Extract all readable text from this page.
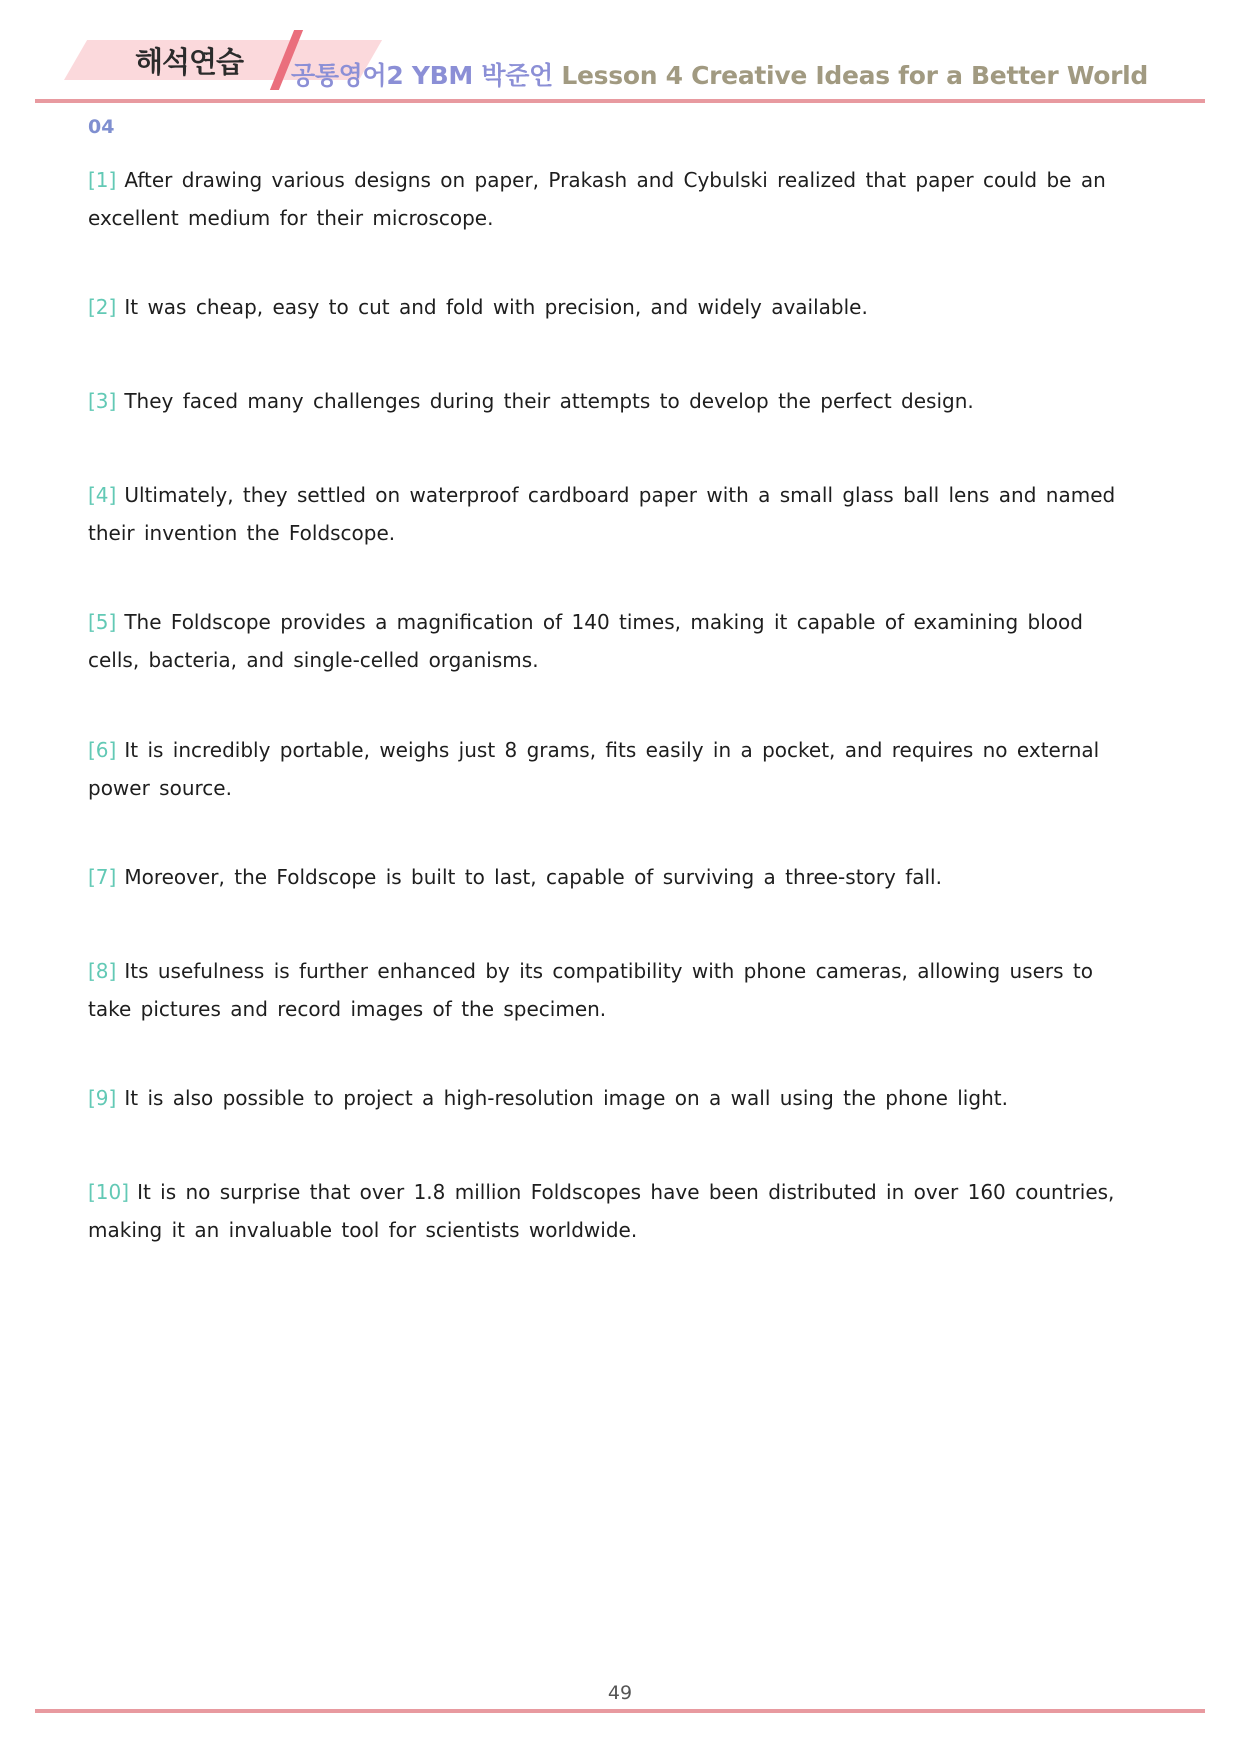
해석연습 공통영어2 YBM 박준언 Lesson 4 Creative Ideas for a Better World
04
[1] After drawing various designs on paper, Prakash and Cybulski realized that paper could be an excellent medium for their microscope.
[2] It was cheap, easy to cut and fold with precision, and widely available.
[3] They faced many challenges during their attempts to develop the perfect design.
[4] Ultimately, they settled on waterproof cardboard paper with a small glass ball lens and named their invention the Foldscope.
[5] The Foldscope provides a magnification of 140 times, making it capable of examining blood cells, bacteria, and single-celled organisms.
[6] It is incredibly portable, weighs just 8 grams, fits easily in a pocket, and requires no external power source.
[7] Moreover, the Foldscope is built to last, capable of surviving a three-story fall.
[8] Its usefulness is further enhanced by its compatibility with phone cameras, allowing users to take pictures and record images of the specimen.
[9] It is also possible to project a high-resolution image on a wall using the phone light.
[10] It is no surprise that over 1.8 million Foldscopes have been distributed in over 160 countries, making it an invaluable tool for scientists worldwide.
49
